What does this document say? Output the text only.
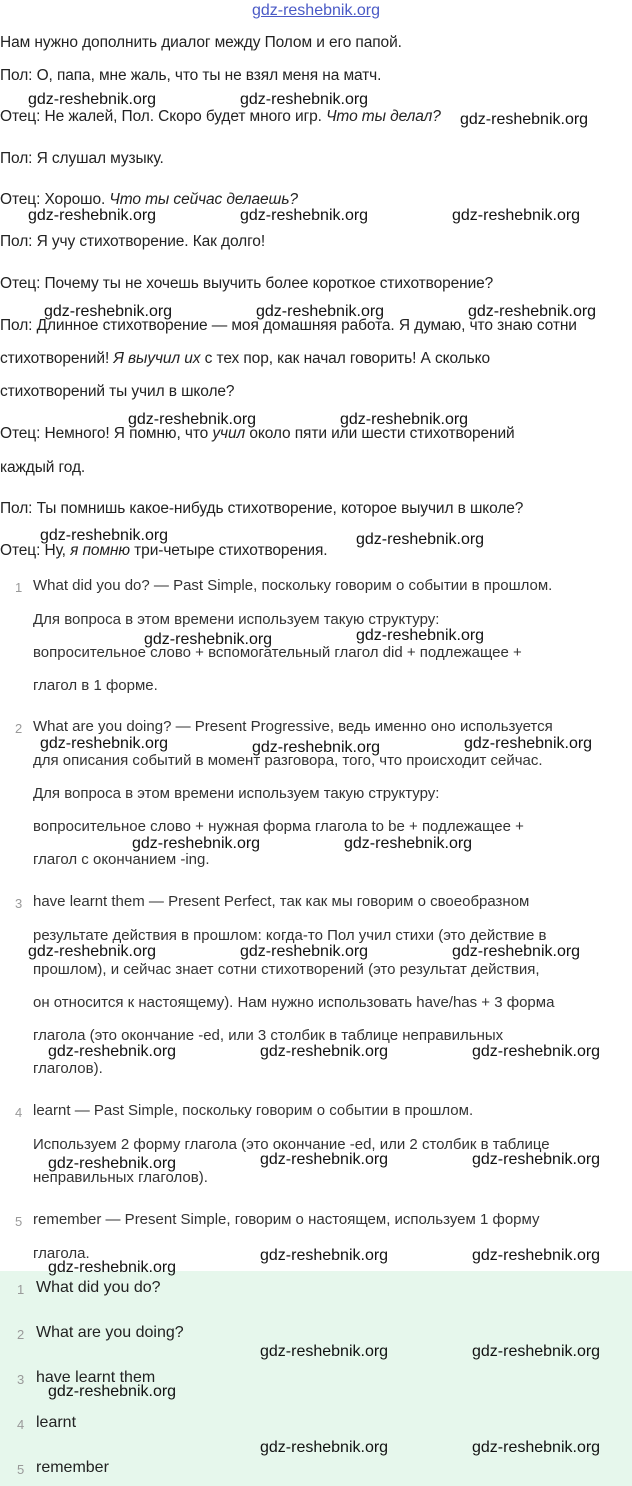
gdz-reshebnik.org
Нам нужно дополнить диалог между Полом и его папой.
Пол: О, папа, мне жаль, что ты не взял меня на матч.
Отец: Не жалей, Пол. Скоро будет много игр. Что ты делал?
Пол: Я слушал музыку.
Отец: Хорошо. Что ты сейчас делаешь?
Пол: Я учу стихотворение. Как долго!
Отец: Почему ты не хочешь выучить более короткое стихотворение?
Пол: Длинное стихотворение — моя домашняя работа. Я думаю, что знаю сотни
стихотворений! Я выучил их с тех пор, как начал говорить! А сколько
стихотворений ты учил в школе?
Отец: Немного! Я помню, что учил около пяти или шести стихотворений
каждый год.
Пол: Ты помнишь какое-нибудь стихотворение, которое выучил в школе?
Отец: Ну, я помню три-четыре стихотворения.
1 What did you do? — Past Simple, поскольку говорим о событии в прошлом.
Для вопроса в этом времени используем такую структуру:
вопросительное слово + вспомогательный глагол did + подлежащее +
глагол в 1 форме.
2 What are you doing? — Present Progressive, ведь именно оно используется
для описания событий в момент разговора, того, что происходит сейчас.
Для вопроса в этом времени используем такую структуру:
вопросительное слово + нужная форма глагола to be + подлежащее +
глагол с окончанием -ing.
3 have learnt them — Present Perfect, так как мы говорим о своеобразном
результате действия в прошлом: когда-то Пол учил стихи (это действие в
прошлом), и сейчас знает сотни стихотворений (это результат действия,
он относится к настоящему). Нам нужно использовать have/has + 3 форма
глагола (это окончание -ed, или 3 столбик в таблице неправильных
глаголов).
4 learnt — Past Simple, поскольку говорим о событии в прошлом.
Используем 2 форму глагола (это окончание -ed, или 2 столбик в таблице
неправильных глаголов).
5 remember — Present Simple, говорим о настоящем, используем 1 форму
глагола.
1 What did you do?
2 What are you doing?
3 have learnt them
4 learnt
5 remember
gdz-reshebnik.org	gdz-reshebnik.org
gdz-reshebnik.org
gdz-reshebnik.org	gdz-reshebnik.org	gdz-reshebnik.org
gdz-reshebnik.org	gdz-reshebnik.org	gdz-reshebnik.org
gdz-reshebnik.org	gdz-reshebnik.org
gdz-reshebnik.org	gdz-reshebnik.org
gdz-reshebnik.org	gdz-reshebnik.org
gdz-reshebnik.org	gdz-reshebnik.org	gdz-reshebnik.org
gdz-reshebnik.org	gdz-reshebnik.org
gdz-reshebnik.org	gdz-reshebnik.org	gdz-reshebnik.org
gdz-reshebnik.org	gdz-reshebnik.org	gdz-reshebnik.org
gdz-reshebnik.org	gdz-reshebnik.org	gdz-reshebnik.org
gdz-reshebnik.org
gdz-reshebnik.org	gdz-reshebnik.org
gdz-reshebnik.org	gdz-reshebnik.org
gdz-reshebnik.org
gdz-reshebnik.org	gdz-reshebnik.org
